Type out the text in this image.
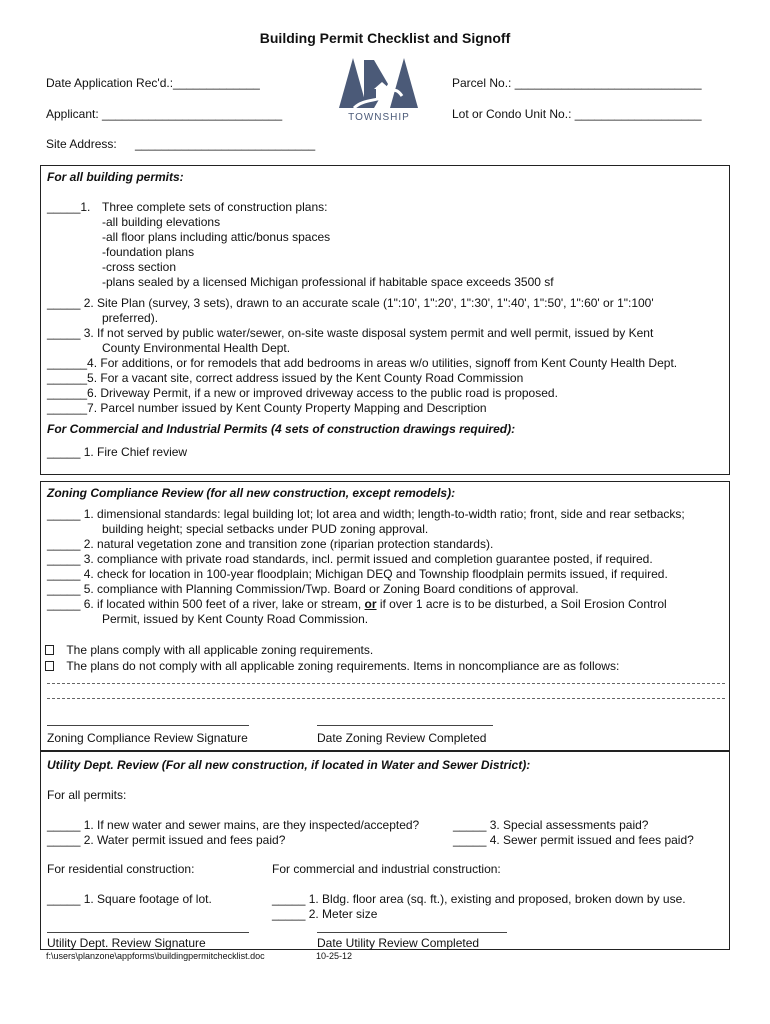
Building Permit Checklist and Signoff
Date Application Rec'd.:_____________
Applicant: ___________________________
Site Address: ___________________________
Parcel No.: ____________________________
Lot or Condo Unit No.: ___________________
TOWNSHIP
For all building permits:
_____1. Three complete sets of construction plans:
-all building elevations
-all floor plans including attic/bonus spaces
-foundation plans
-cross section
-plans sealed by a licensed Michigan professional if habitable space exceeds 3500 sf
_____ 2. Site Plan (survey, 3 sets), drawn to an accurate scale (1":10', 1":20', 1":30', 1":40', 1":50', 1":60' or 1":100'
preferred).
_____ 3. If not served by public water/sewer, on-site waste disposal system permit and well permit, issued by Kent
County Environmental Health Dept.
______4. For additions, or for remodels that add bedrooms in areas w/o utilities, signoff from Kent County Health Dept.
______5. For a vacant site, correct address issued by the Kent County Road Commission
______6. Driveway Permit, if a new or improved driveway access to the public road is proposed.
______7. Parcel number issued by Kent County Property Mapping and Description
For Commercial and Industrial Permits (4 sets of construction drawings required):
_____ 1. Fire Chief review
Zoning Compliance Review (for all new construction, except remodels):
_____ 1. dimensional standards: legal building lot; lot area and width; length-to-width ratio; front, side and rear setbacks;
building height; special setbacks under PUD zoning approval.
_____ 2. natural vegetation zone and transition zone (riparian protection standards).
_____ 3. compliance with private road standards, incl. permit issued and completion guarantee posted, if required.
_____ 4. check for location in 100-year floodplain; Michigan DEQ and Township floodplain permits issued, if required.
_____ 5. compliance with Planning Commission/Twp. Board or Zoning Board conditions of approval.
_____ 6. if located within 500 feet of a river, lake or stream, or if over 1 acre is to be disturbed, a Soil Erosion Control
Permit, issued by Kent County Road Commission.
The plans comply with all applicable zoning requirements.
The plans do not comply with all applicable zoning requirements. Items in noncompliance are as follows:
Zoning Compliance Review Signature	Date Zoning Review Completed
Utility Dept. Review (For all new construction, if located in Water and Sewer District):
For all permits:
_____ 1. If new water and sewer mains, are they inspected/accepted?
_____ 2. Water permit issued and fees paid?
_____ 3. Special assessments paid?
_____ 4. Sewer permit issued and fees paid?
For residential construction:	For commercial and industrial construction:
_____ 1. Square footage of lot.	_____ 1. Bldg. floor area (sq. ft.), existing and proposed, broken down by use.
_____ 2. Meter size
Utility Dept. Review Signature	Date Utility Review Completed
f:\users\planzone\appforms\buildingpermitchecklist.doc	10-25-12
